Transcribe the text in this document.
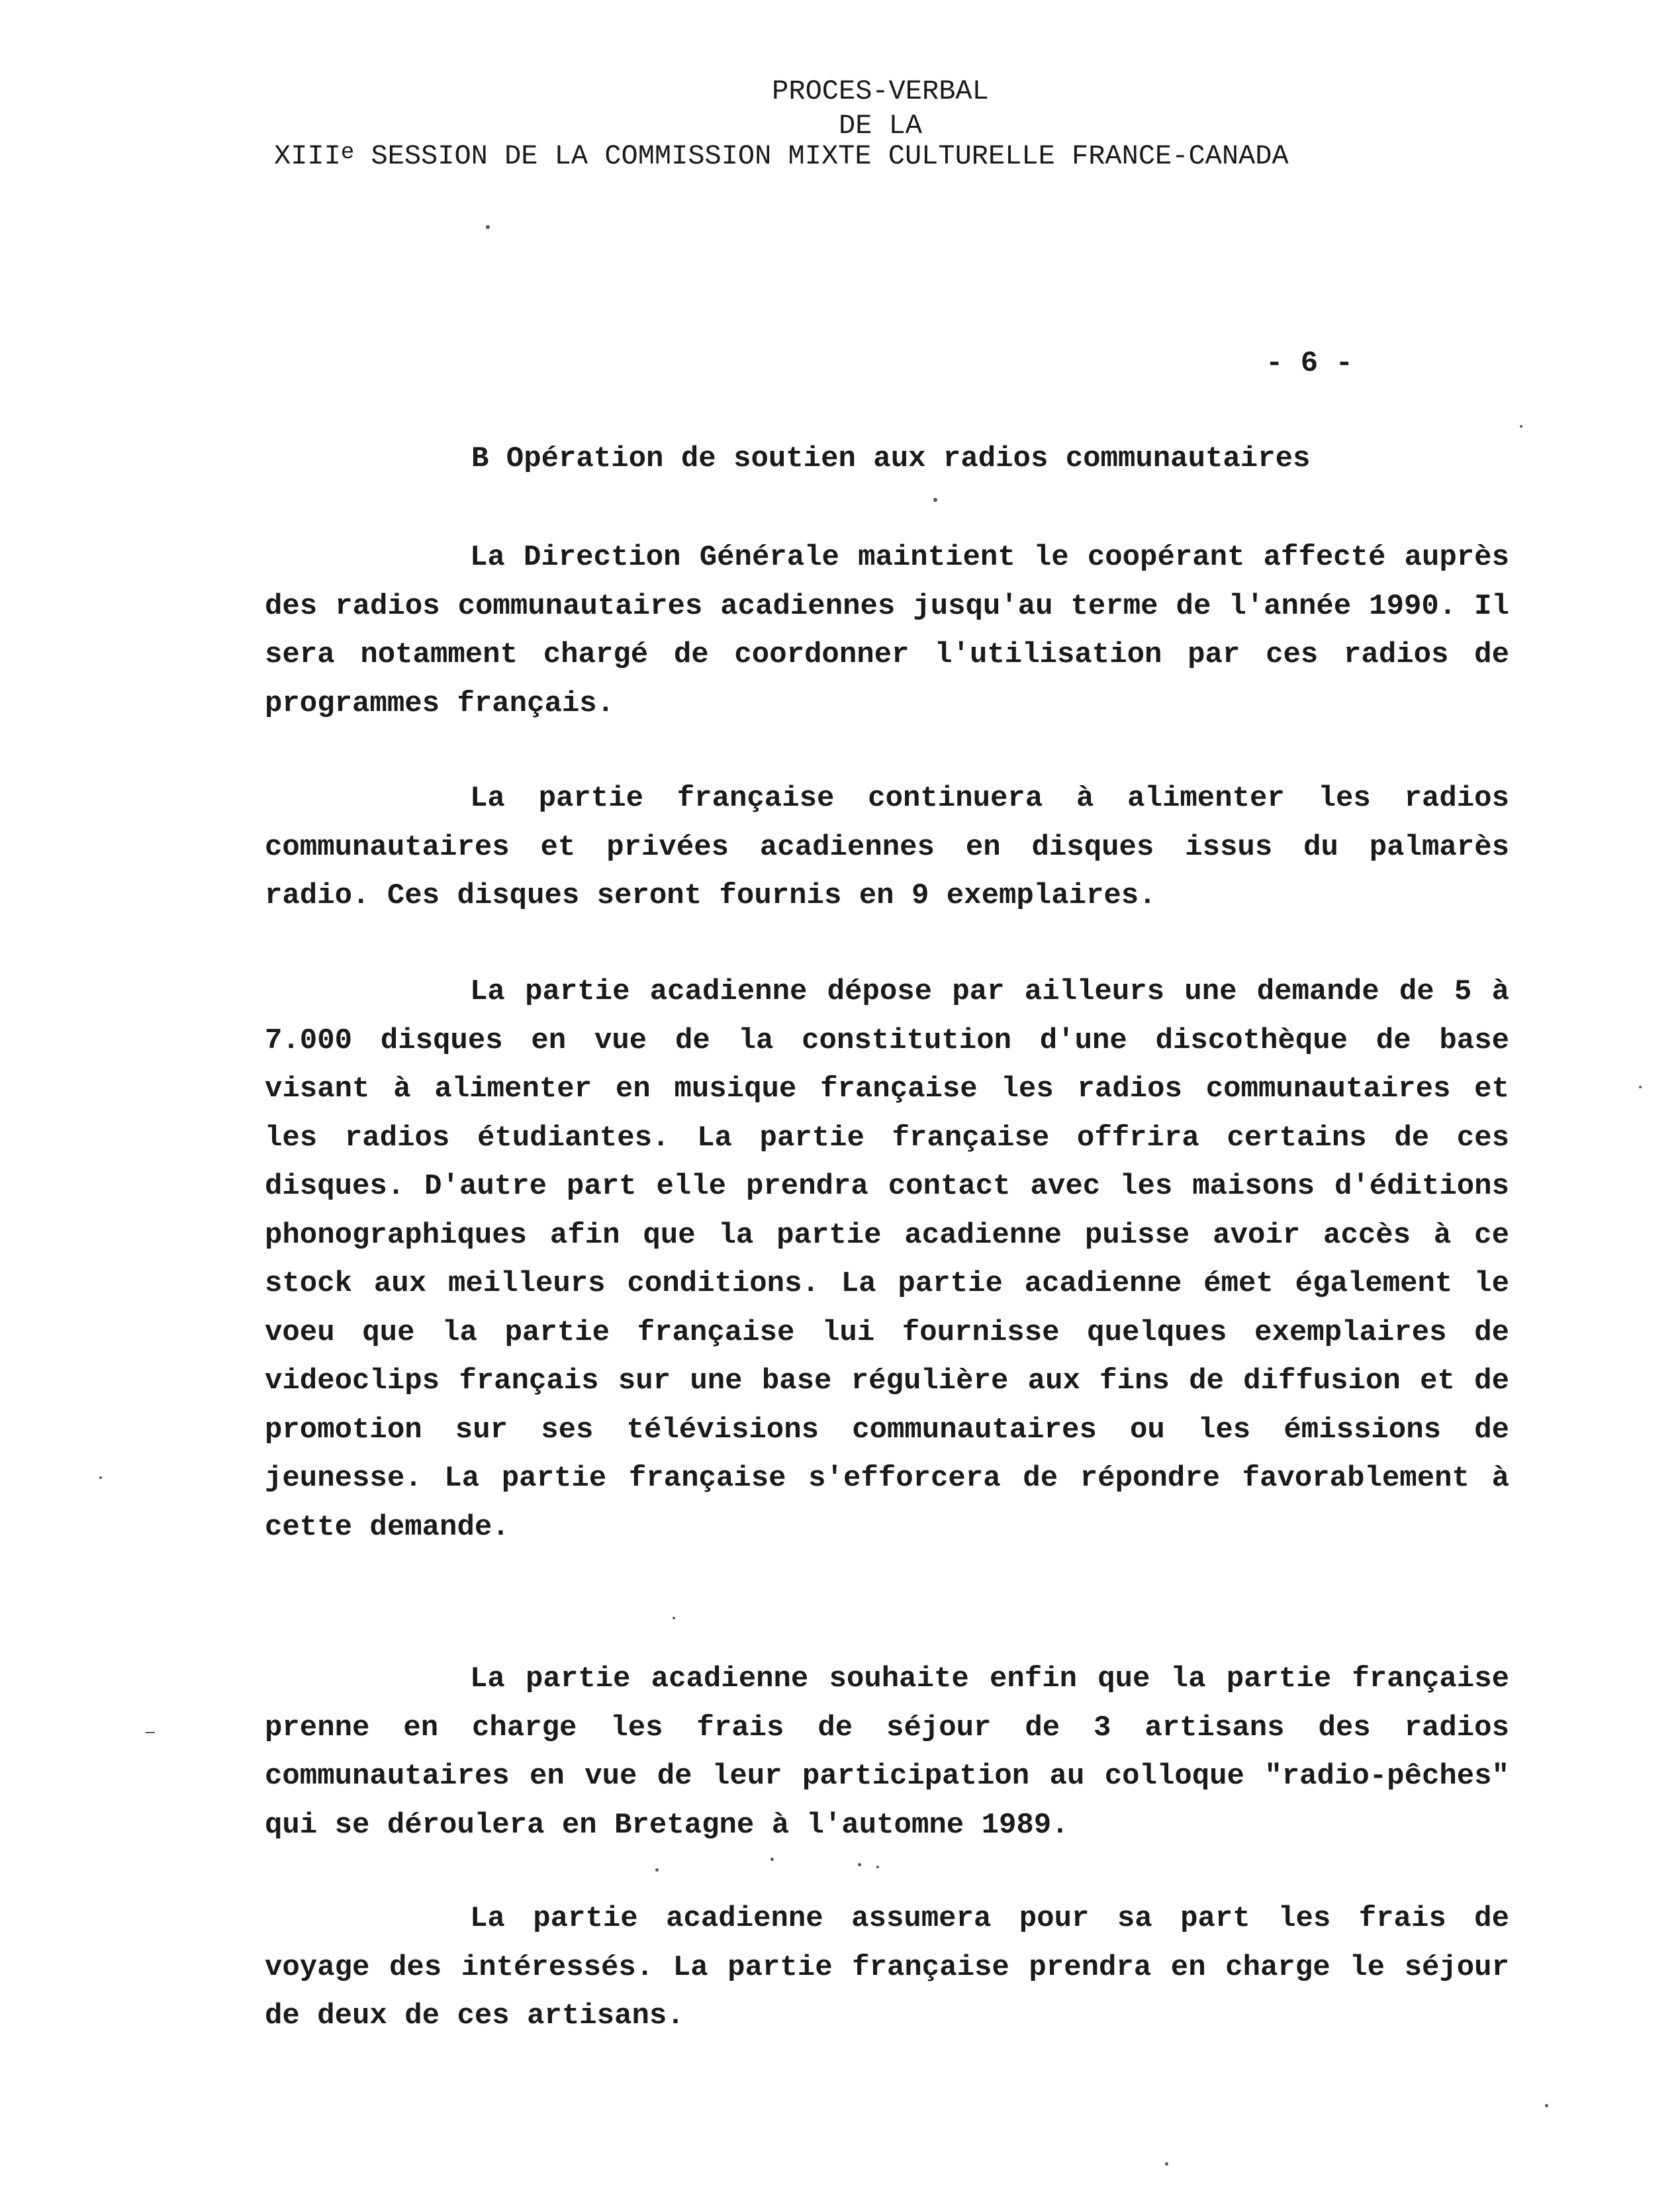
PROCES-VERBAL
DE LA
XIIIe SESSION DE LA COMMISSION MIXTE CULTURELLE FRANCE-CANADA
- 6 -
B Opération de soutien aux radios communautaires

La Direction Générale maintient le coopérant affecté auprès des radios communautaires acadiennes jusqu'au terme de l'année 1990. Il sera notamment chargé de coordonner l'utilisation par ces radios de programmes français.

La partie française continuera à alimenter les radios communautaires et privées acadiennes en disques issus du palmarès radio. Ces disques seront fournis en 9 exemplaires.

La partie acadienne dépose par ailleurs une demande de 5 à 7.000 disques en vue de la constitution d'une discothèque de base visant à alimenter en musique française les radios communautaires et les radios étudiantes. La partie française offrira certains de ces disques. D'autre part elle prendra contact avec les maisons d'éditions phonographiques afin que la partie acadienne puisse avoir accès à ce stock aux meilleurs conditions. La partie acadienne émet également le voeu que la partie française lui fournisse quelques exemplaires de videoclips français sur une base régulière aux fins de diffusion et de promotion sur ses télévisions communautaires ou les émissions de jeunesse. La partie française s'efforcera de répondre favorablement à cette demande.

La partie acadienne souhaite enfin que la partie française prenne en charge les frais de séjour de 3 artisans des radios communautaires en vue de leur participation au colloque "radio-pêches" qui se déroulera en Bretagne à l'automne 1989.

La partie acadienne assumera pour sa part les frais de voyage des intéressés. La partie française prendra en charge le séjour de deux de ces artisans.
